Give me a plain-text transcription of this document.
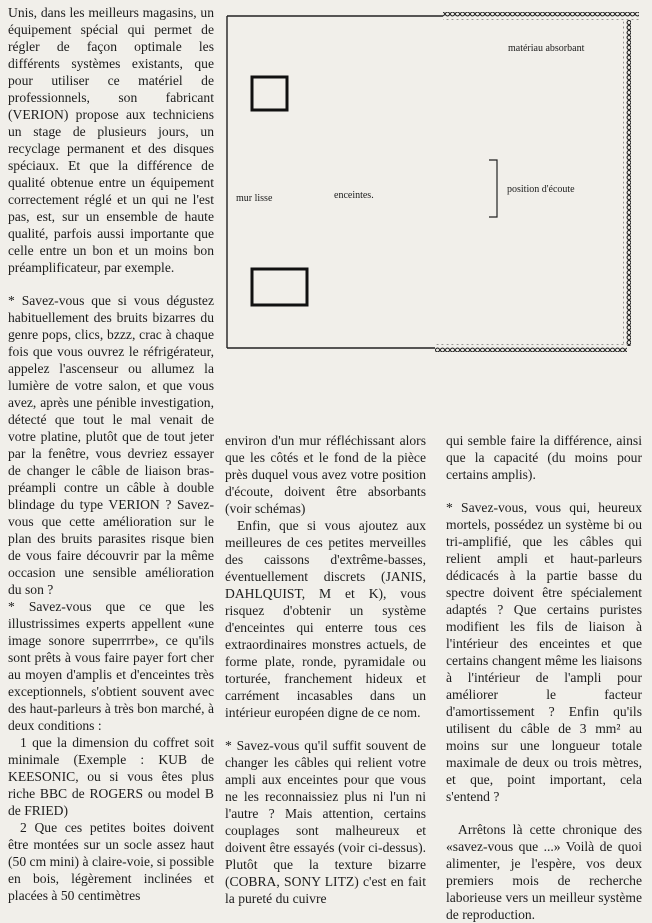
Unis, dans les meilleurs magasins, un équipement spécial qui permet de régler de façon optimale les différents systèmes existants, que pour utiliser ce matériel de professionnels, son fabricant (VERION) propose aux techniciens un stage de plusieurs jours, un recyclage permanent et des disques spéciaux. Et que la différence de qualité obtenue entre un équipement correctement réglé et un qui ne l'est pas, est, sur un ensemble de haute qualité, parfois aussi importante que celle entre un bon et un moins bon préamplificateur, par exemple.

* Savez-vous que si vous dégustez habituellement des bruits bizarres du genre pops, clics, bzzz, crac à chaque fois que vous ouvrez le réfrigérateur, appelez l'ascenseur ou allumez la lumière de votre salon, et que vous avez, après une pénible investigation, détecté que tout le mal venait de votre platine, plutôt que de tout jeter par la fenêtre, vous devriez essayer de changer le câble de liaison bras-préampli contre un câble à double blindage du type VERION ? Savez-vous que cette amélioration sur le plan des bruits parasites risque bien de vous faire découvrir par la même occasion une sensible amélioration du son ?

* Savez-vous que ce que les illustrissimes experts appellent «une image sonore superrrrbe», ce qu'ils sont prêts à vous faire payer fort cher au moyen d'amplis et d'enceintes très exceptionnels, s'obtient souvent avec des haut-parleurs à très bon marché, à deux conditions :

1 que la dimension du coffret soit minimale (Exemple : KUB de KEESONIC, ou si vous êtes plus riche BBC de ROGERS ou model B de FRIED)

2 Que ces petites boites doivent être montées sur un socle assez haut (50 cm mini) à claire-voie, si possible en bois, légèrement inclinées et placées à 50 centimètres

matériau absorbant
mur lisse	enceintes.
position d'écoute

environ d'un mur réfléchissant alors que les côtés et le fond de la pièce près duquel vous avez votre position d'écoute, doivent être absorbants (voir schémas)

Enfin, que si vous ajoutez aux meilleures de ces petites merveilles des caissons d'extrême-basses, éventuellement discrets (JANIS, DAHLQUIST, M et K), vous risquez d'obtenir un système d'enceintes qui enterre tous ces extraordinaires monstres actuels, de forme plate, ronde, pyramidale ou torturée, franchement hideux et carrément incasables dans un intérieur européen digne de ce nom.

* Savez-vous qu'il suffit souvent de changer les câbles qui relient votre ampli aux enceintes pour que vous ne les reconnaissiez plus ni l'un ni l'autre ? Mais attention, certains couplages sont malheureux et doivent être essayés (voir ci-dessus). Plutôt que la texture bizarre (COBRA, SONY LITZ) c'est en fait la pureté du cuivre

qui semble faire la différence, ainsi que la capacité (du moins pour certains amplis).

* Savez-vous, vous qui, heureux mortels, possédez un système bi ou tri-amplifié, que les câbles qui relient ampli et haut-parleurs dédicacés à la partie basse du spectre doivent être spécialement adaptés ? Que certains puristes modifient les fils de liaison à l'intérieur des enceintes et que certains changent même les liaisons à l'intérieur de l'ampli pour améliorer le facteur d'amortissement ? Enfin qu'ils utilisent du câble de 3 mm² au moins sur une longueur totale maximale de deux ou trois mètres, et que, point important, cela s'entend ?

Arrêtons là cette chronique des «savez-vous que ...» Voilà de quoi alimenter, je l'espère, vos deux premiers mois de recherche laborieuse vers un meilleur système de reproduction.
